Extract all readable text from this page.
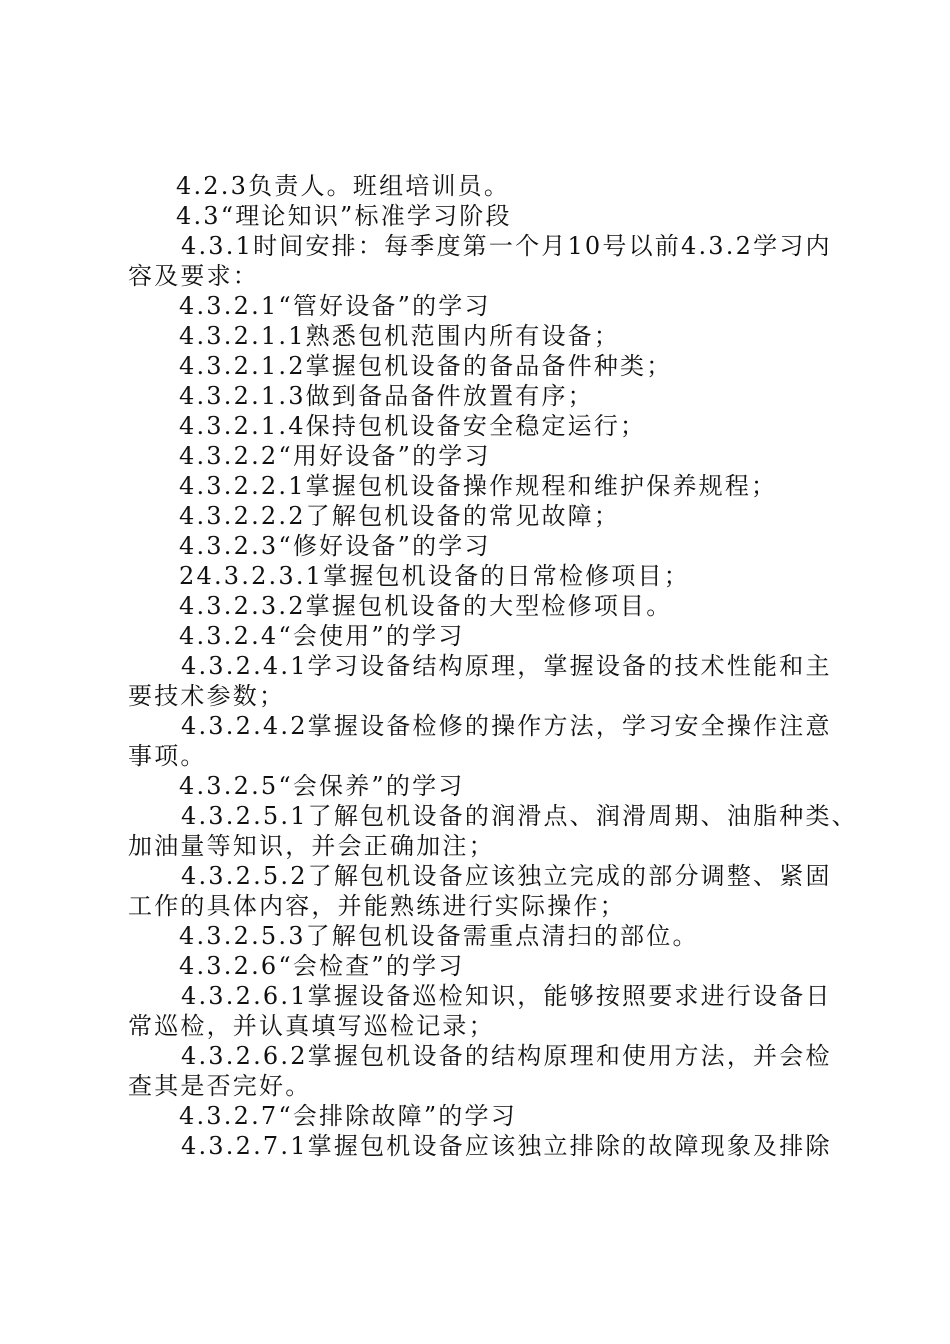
4.2.3负责人。班组培训员。

4.3“理论知识”标准学习阶段

4.3.1时间安排：每季度第一个月10号以前4.3.2学习内

容及要求：

4.3.2.1“管好设备”的学习

4.3.2.1.1熟悉包机范围内所有设备；

4.3.2.1.2掌握包机设备的备品备件种类；

4.3.2.1.3做到备品备件放置有序；

4.3.2.1.4保持包机设备安全稳定运行；

4.3.2.2“用好设备”的学习

4.3.2.2.1掌握包机设备操作规程和维护保养规程；

4.3.2.2.2了解包机设备的常见故障；

4.3.2.3“修好设备”的学习

24.3.2.3.1掌握包机设备的日常检修项目；

4.3.2.3.2掌握包机设备的大型检修项目。

4.3.2.4“会使用”的学习

4.3.2.4.1学习设备结构原理，掌握设备的技术性能和主

要技术参数；

4.3.2.4.2掌握设备检修的操作方法，学习安全操作注意

事项。

4.3.2.5“会保养”的学习

4.3.2.5.1了解包机设备的润滑点、润滑周期、油脂种类、

加油量等知识，并会正确加注；

4.3.2.5.2了解包机设备应该独立完成的部分调整、紧固

工作的具体内容，并能熟练进行实际操作；

4.3.2.5.3了解包机设备需重点清扫的部位。

4.3.2.6“会检查”的学习

4.3.2.6.1掌握设备巡检知识，能够按照要求进行设备日

常巡检，并认真填写巡检记录；

4.3.2.6.2掌握包机设备的结构原理和使用方法，并会检

查其是否完好。

4.3.2.7“会排除故障”的学习

4.3.2.7.1掌握包机设备应该独立排除的故障现象及排除
